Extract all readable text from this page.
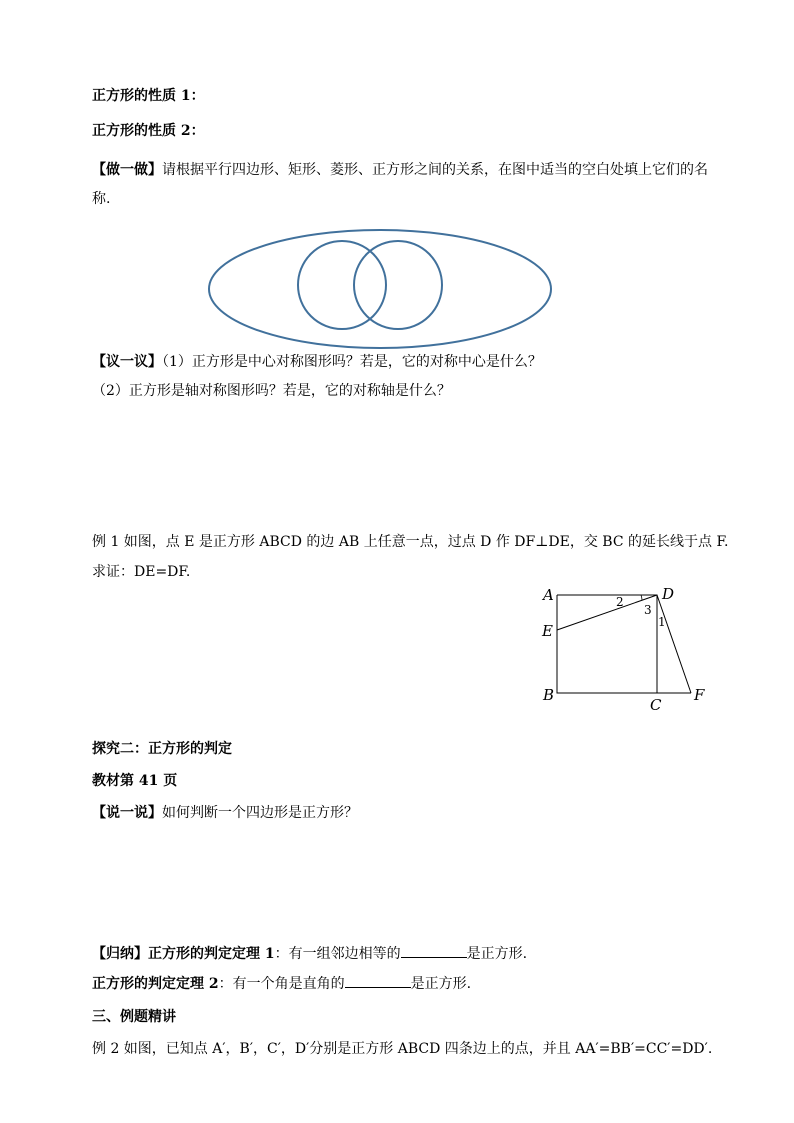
正方形的性质 1：
正方形的性质 2：
【做一做】请根据平行四边形、矩形、菱形、正方形之间的关系，在图中适当的空白处填上它们的名
称.
【议一议】（1）正方形是中心对称图形吗？若是，它的对称中心是什么？
（2）正方形是轴对称图形吗？若是，它的对称轴是什么？
例 1 如图，点 E 是正方形 ABCD 的边 AB 上任意一点，过点 D 作 DF⊥DE，交 BC 的延长线于点 F.
求证：DE=DF.
A	D
E
B
C
F
2
3
1
探究二：正方形的判定
教材第 41 页
【说一说】如何判断一个四边形是正方形？
【归纳】正方形的判定定理 1：有一组邻边相等的	是正方形.
正方形的判定定理 2：有一个角是直角的	是正方形.
三、例题精讲
例 2 如图，已知点 A′，B′，C′，D′分别是正方形 ABCD 四条边上的点，并且 AA′=BB′=CC′=DD′.
